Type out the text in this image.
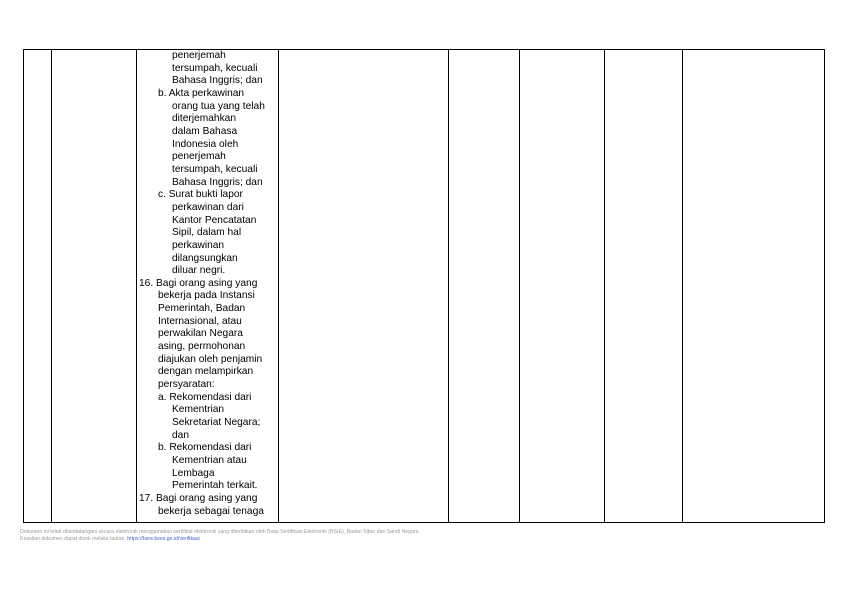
penerjemah
tersumpah, kecuali
Bahasa Inggris; dan
b. Akta perkawinan
orang tua yang telah
diterjemahkan
dalam Bahasa
Indonesia oleh
penerjemah
tersumpah, kecuali
Bahasa Inggris; dan
c. Surat bukti lapor
perkawinan dari
Kantor Pencatatan
Sipil, dalam hal
perkawinan
dilangsungkan
diluar negri.
16. Bagi orang asing yang
bekerja pada Instansi
Pemerintah, Badan
Internasional, atau
perwakilan Negara
asing, permohonan
diajukan oleh penjamin
dengan melampirkan
persyaratan:
a. Rekomendasi dari
Kementrian
Sekretariat Negara;
dan
b. Rekomendasi dari
Kementrian atau
Lembaga
Pemerintah terkait.
17. Bagi orang asing yang
bekerja sebagai tenaga

Dokumen ini telah ditandatangani secara elektronik menggunakan sertifikat elektronik yang diterbitkan oleh Balai Sertifikasi Elektronik (BSrE), Badan Siber dan Sandi Negara
Keaslian dokumen dapat dicek melalui tautan: https://bsre.bssn.go.id/verifikasi
